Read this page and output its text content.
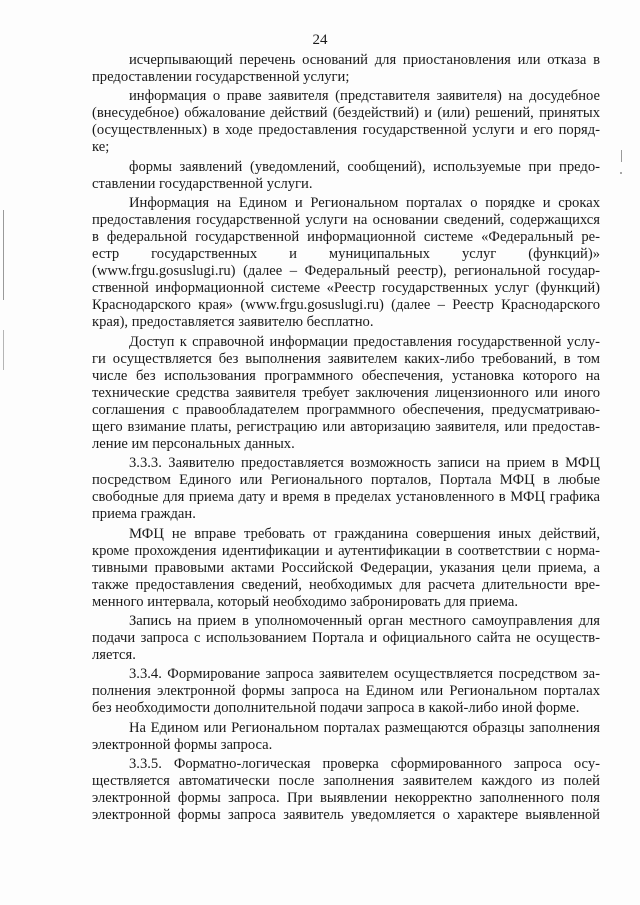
24
исчерпывающий перечень оснований для приостановления или отказа в
предоставлении государственной услуги;
информация о праве заявителя (представителя заявителя) на досудебное
(внесудебное) обжалование действий (бездействий) и (или) решений, принятых
(осуществленных) в ходе предоставления государственной услуги и его поряд-
ке;
формы заявлений (уведомлений, сообщений), используемые при предо-
ставлении государственной услуги.
Информация на Едином и Региональном порталах о порядке и сроках
предоставления государственной услуги на основании сведений, содержащихся
в федеральной государственной информационной системе «Федеральный ре-
естр государственных и муниципальных услуг (функций)»
(www.frgu.gosuslugi.ru) (далее – Федеральный реестр), региональной государ-
ственной информационной системе «Реестр государственных услуг (функций)
Краснодарского края» (www.frgu.gosuslugi.ru) (далее – Реестр Краснодарского
края), предоставляется заявителю бесплатно.
Доступ к справочной информации предоставления государственной услу-
ги осуществляется без выполнения заявителем каких-либо требований, в том
числе без использования программного обеспечения, установка которого на
технические средства заявителя требует заключения лицензионного или иного
соглашения с правообладателем программного обеспечения, предусматриваю-
щего взимание платы, регистрацию или авторизацию заявителя, или предостав-
ление им персональных данных.
3.3.3. Заявителю предоставляется возможность записи на прием в МФЦ
посредством Единого или Регионального порталов, Портала МФЦ в любые
свободные для приема дату и время в пределах установленного в МФЦ графика
приема граждан.
МФЦ не вправе требовать от гражданина совершения иных действий,
кроме прохождения идентификации и аутентификации в соответствии с норма-
тивными правовыми актами Российской Федерации, указания цели приема, а
также предоставления сведений, необходимых для расчета длительности вре-
менного интервала, который необходимо забронировать для приема.
Запись на прием в уполномоченный орган местного самоуправления для
подачи запроса с использованием Портала и официального сайта не осуществ-
ляется.
3.3.4. Формирование запроса заявителем осуществляется посредством за-
полнения электронной формы запроса на Едином или Региональном порталах
без необходимости дополнительной подачи запроса в какой-либо иной форме.
На Едином или Региональном порталах размещаются образцы заполнения
электронной формы запроса.
3.3.5. Форматно-логическая проверка сформированного запроса осу-
ществляется автоматически после заполнения заявителем каждого из полей
электронной формы запроса. При выявлении некорректно заполненного поля
электронной формы запроса заявитель уведомляется о характере выявленной
